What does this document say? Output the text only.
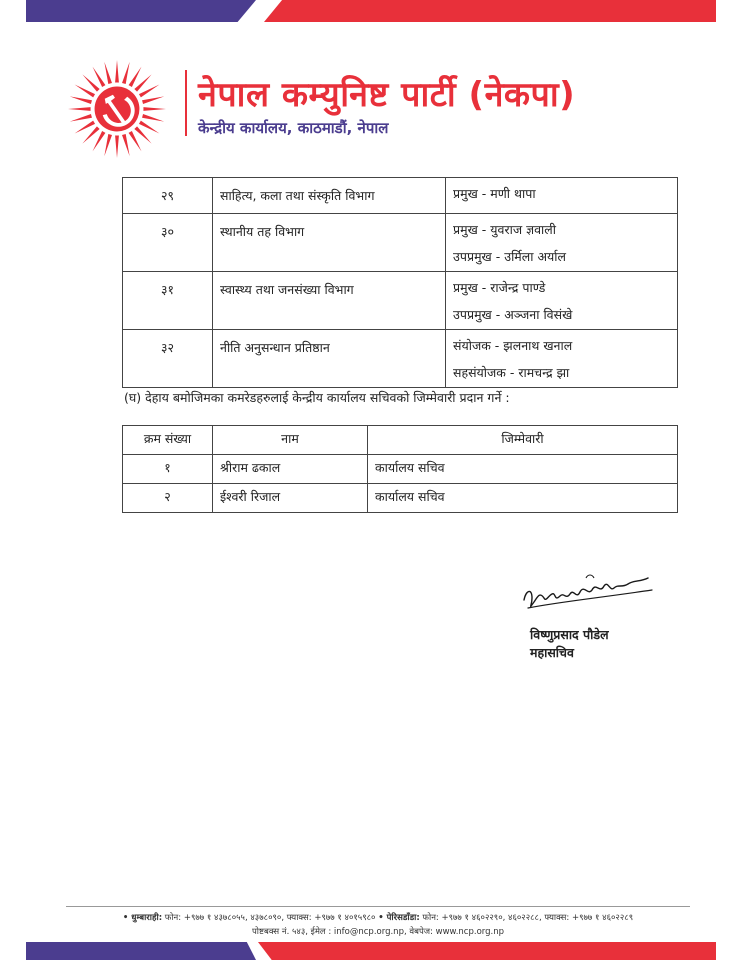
नेपाल कम्युनिष्ट पार्टी (नेकपा)
केन्द्रीय कार्यालय, काठमाडौं, नेपाल
२९	साहित्य, कला तथा संस्कृति विभाग	प्रमुख - मणी थापा

३०	स्थानीय तह विभाग	प्रमुख - युवराज ज्ञवाली
उपप्रमुख - उर्मिला अर्याल

३१	स्वास्थ्य तथा जनसंख्या विभाग	प्रमुख - राजेन्द्र पाण्डे
उपप्रमुख - अञ्जना विसंखे

३२	नीति अनुसन्धान प्रतिष्ठान	संयोजक - झलनाथ खनाल
सहसंयोजक - रामचन्द्र झा
(घ) देहाय बमोजिमका कमरेडहरुलाई केन्द्रीय कार्यालय सचिवको जिम्मेवारी प्रदान गर्ने :
क्रम संख्या	नाम	जिम्मेवारी
१	श्रीराम ढकाल	कार्यालय सचिव
२	ईश्वरी रिजाल	कार्यालय सचिव
विष्णुप्रसाद पौडेल
महासचिव
• धुम्बाराही: फोन: +९७७ १ ४३७८०५५, ४३७८०९०, फ्याक्स: +९७७ १ ४०१५९८० • पेरिसडाँडा: फोन: +९७७ १ ४६०२२९०, ४६०२२८८, फ्याक्स: +९७७ १ ४६०२२८९
पोष्टबक्स नं. ५४३, ईमेल : info@ncp.org.np, वेबपेज: www.ncp.org.np
